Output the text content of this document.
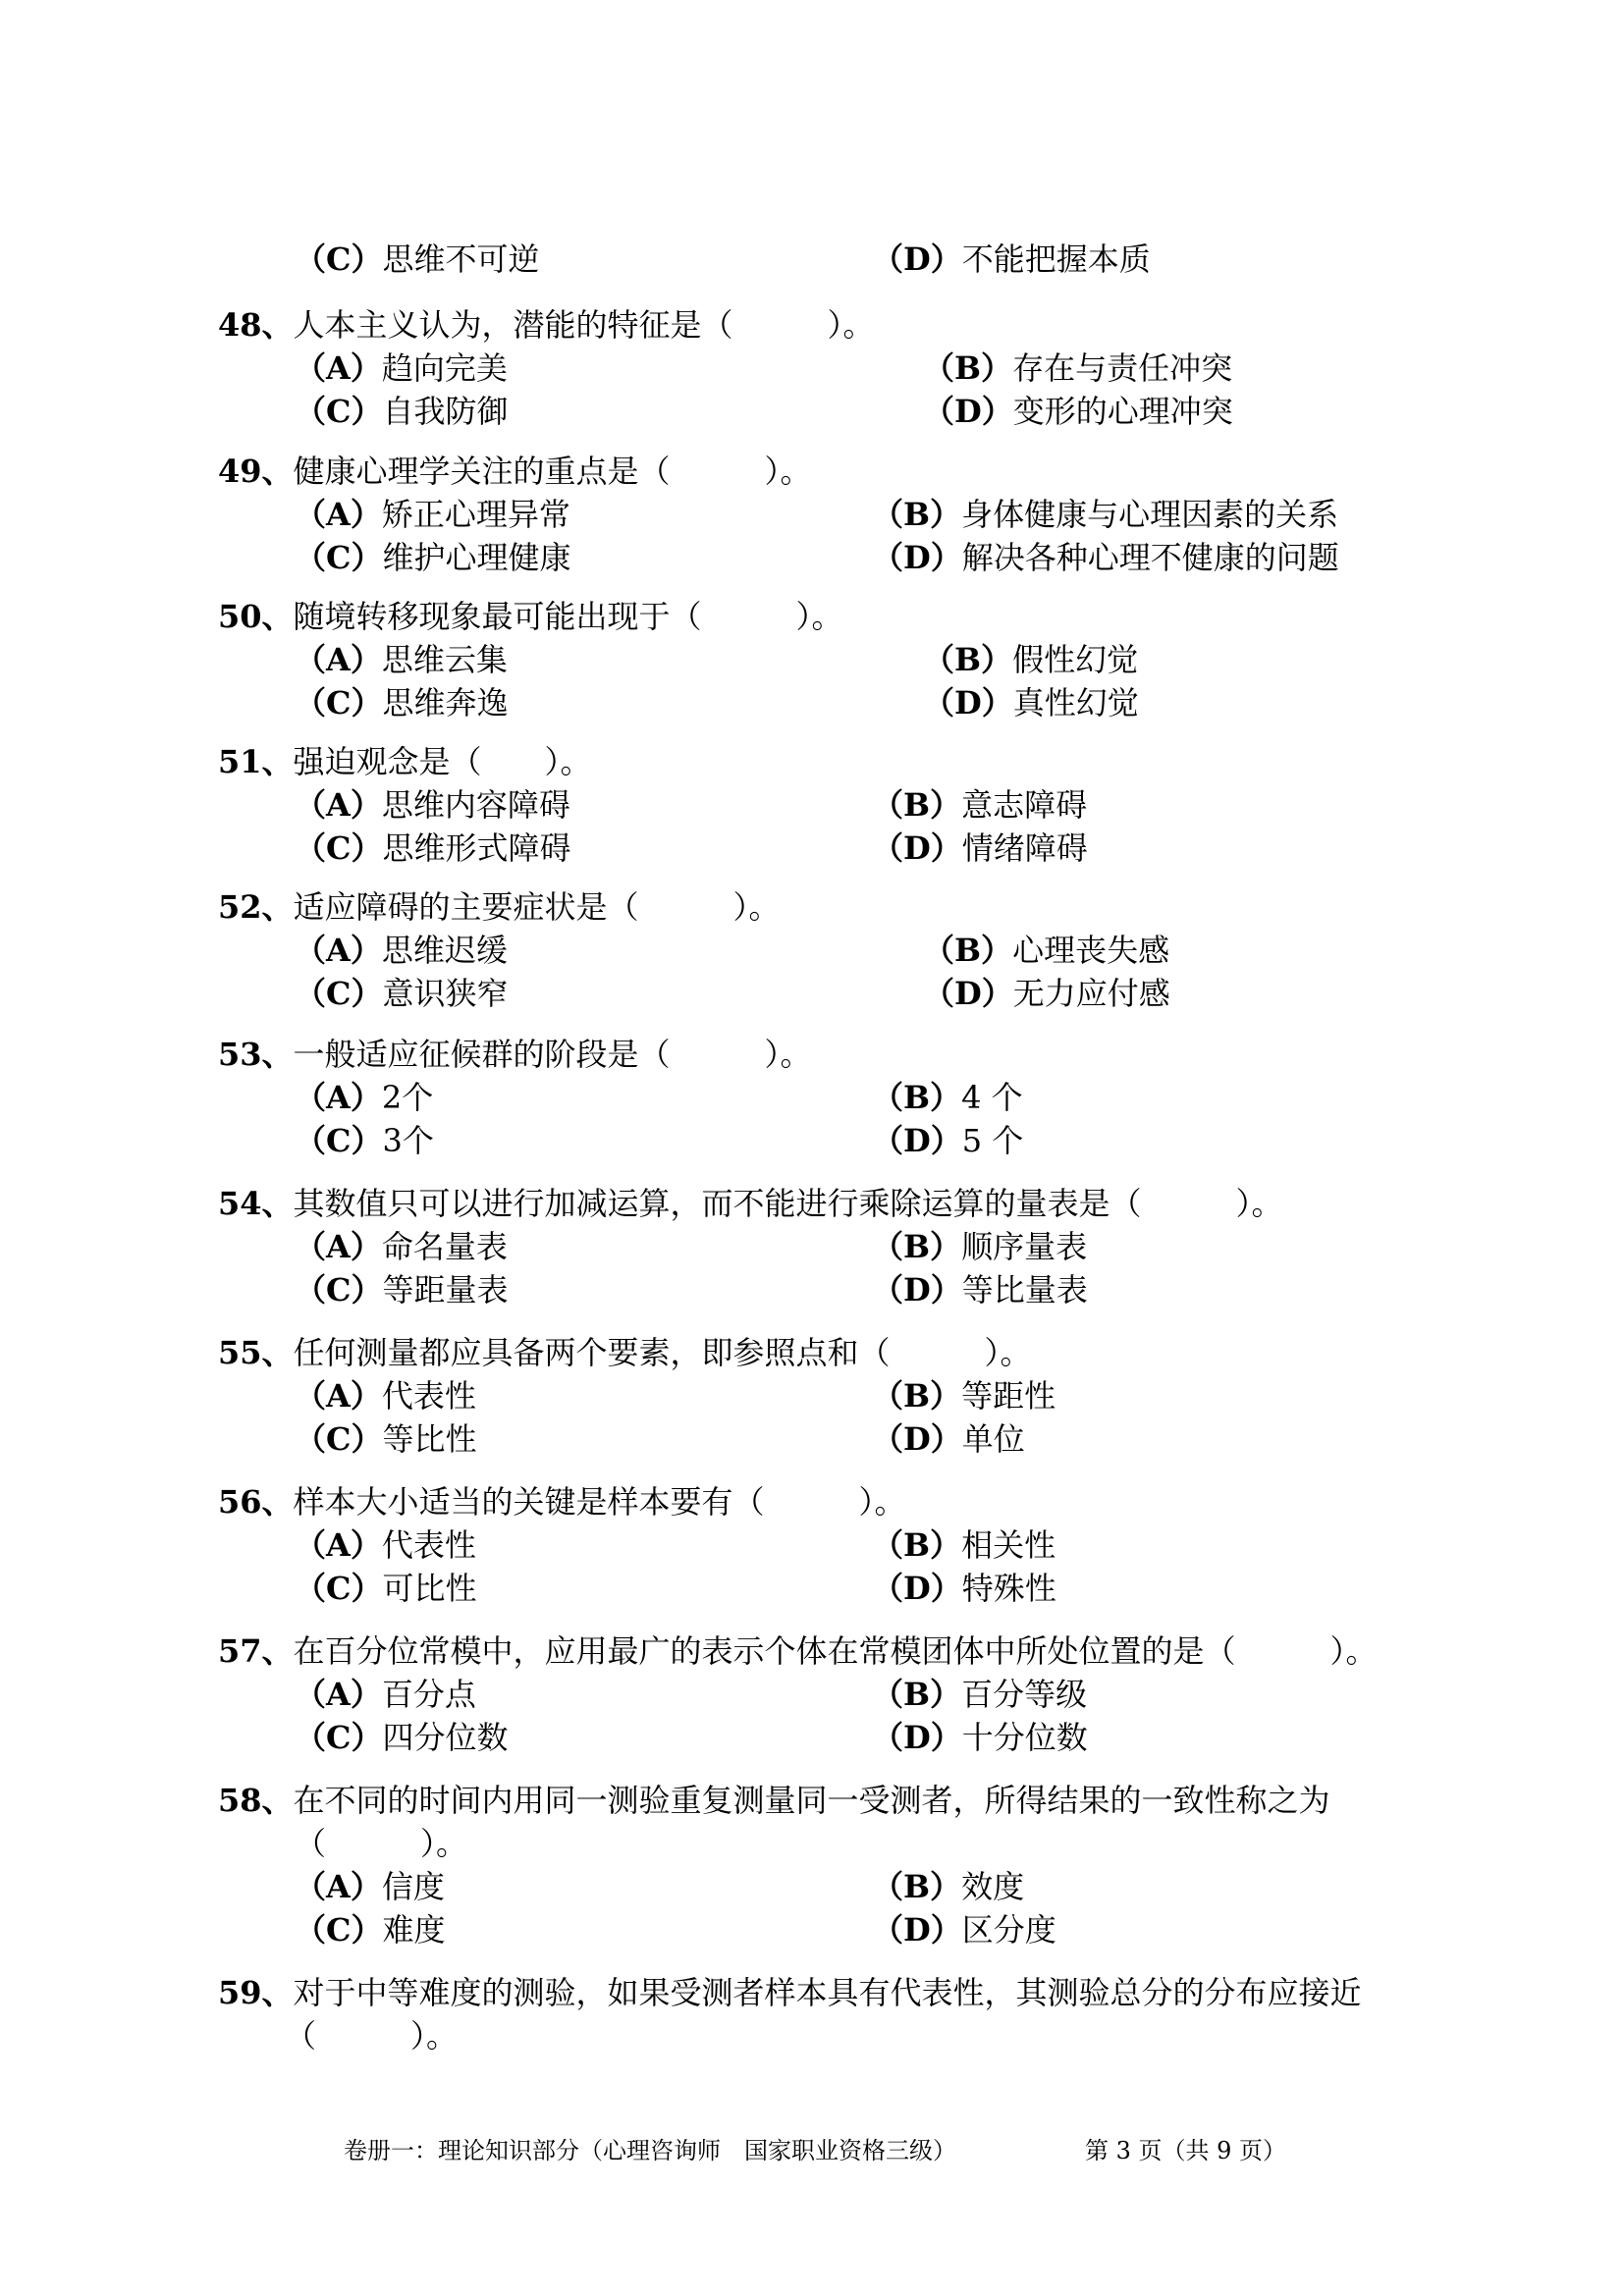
（C）思维不可逆	（D）不能把握本质
48、人本主义认为，潜能的特征是（　　　）。
（A）趋向完美	（B）存在与责任冲突
（C）自我防御	（D）变形的心理冲突
49、健康心理学关注的重点是（　　　）。
（A）矫正心理异常	（B）身体健康与心理因素的关系
（C）维护心理健康	（D）解决各种心理不健康的问题
50、随境转移现象最可能出现于（　　　）。
（A）思维云集	（B）假性幻觉
（C）思维奔逸	（D）真性幻觉
51、强迫观念是（　　）。
（A）思维内容障碍	（B）意志障碍
（C）思维形式障碍	（D）情绪障碍
52、适应障碍的主要症状是（　　　）。
（A）思维迟缓	（B）心理丧失感
（C）意识狭窄	（D）无力应付感
53、一般适应征候群的阶段是（　　　）。
（A）2个	（B）4 个
（C）3个	（D）5 个
54、其数值只可以进行加减运算，而不能进行乘除运算的量表是（　　　）。
（A）命名量表	（B）顺序量表
（C）等距量表	（D）等比量表
55、任何测量都应具备两个要素，即参照点和（　　　）。
（A）代表性	（B）等距性
（C）等比性	（D）单位
56、样本大小适当的关键是样本要有（　　　）。
（A）代表性	（B）相关性
（C）可比性	（D）特殊性
57、在百分位常模中，应用最广的表示个体在常模团体中所处位置的是（　　　）。
（A）百分点	（B）百分等级
（C）四分位数	（D）十分位数
58、在不同的时间内用同一测验重复测量同一受测者，所得结果的一致性称之为
（　　　）。
（A）信度	（B）效度
（C）难度	（D）区分度
59、对于中等难度的测验，如果受测者样本具有代表性，其测验总分的分布应接近
（　　　）。
卷册一：理论知识部分（心理咨询师　国家职业资格三级）	第 3 页（共 9 页）
